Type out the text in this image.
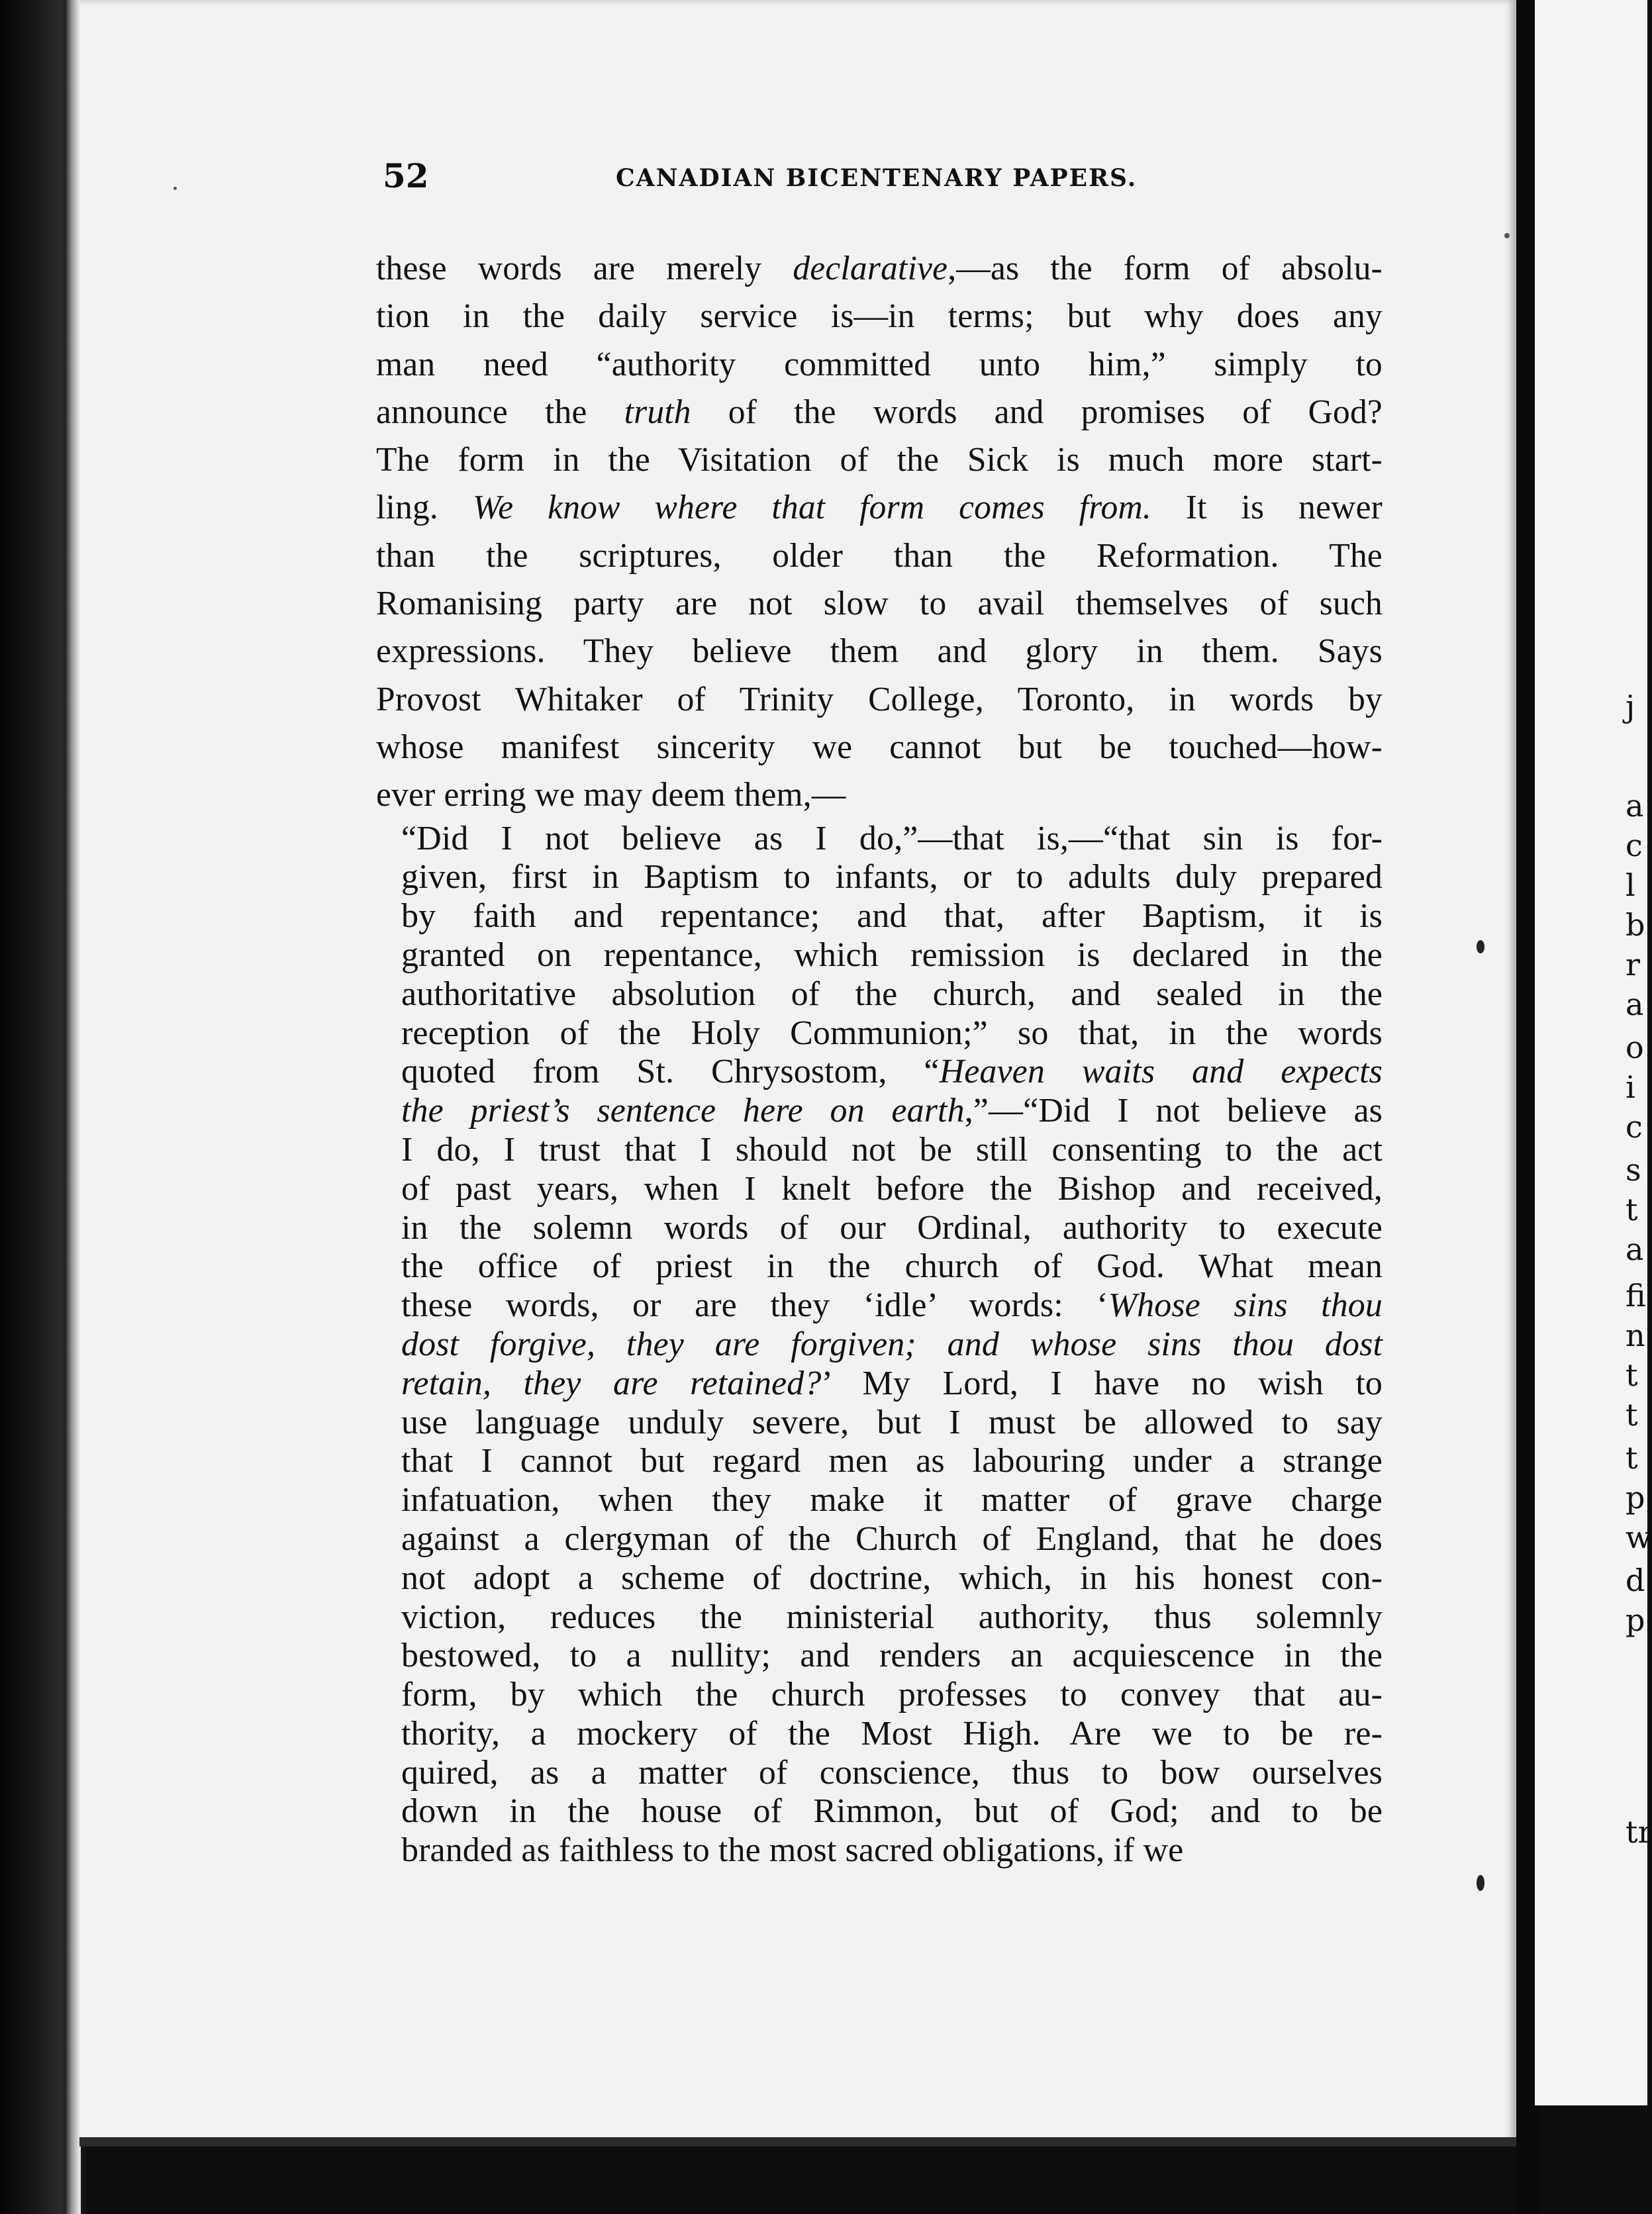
j
a
c
l
b
r
a
o
i
c
s
t
a
fi
n
t
t
t
p
w
d
p
tr
52	CANADIAN BICENTENARY PAPERS.
these words are merely declarative,—as the form of absolu-
tion in the daily service is—in terms; but why does any
man need “authority committed unto him,” simply to
announce the truth of the words and promises of God?
The form in the Visitation of the Sick is much more start-
ling. We know where that form comes from. It is newer
than the scriptures, older than the Reformation. The
Romanising party are not slow to avail themselves of such
expressions. They believe them and glory in them. Says
Provost Whitaker of Trinity College, Toronto, in words by
whose manifest sincerity we cannot but be touched—how-
ever erring we may deem them,—
“Did I not believe as I do,”—that is,—“that sin is for-
given, first in Baptism to infants, or to adults duly prepared
by faith and repentance; and that, after Baptism, it is
granted on repentance, which remission is declared in the
authoritative absolution of the church, and sealed in the
reception of the Holy Communion;” so that, in the words
quoted from St. Chrysostom, “Heaven waits and expects
the priest’s sentence here on earth,”—“Did I not believe as
I do, I trust that I should not be still consenting to the act
of past years, when I knelt before the Bishop and received,
in the solemn words of our Ordinal, authority to execute
the office of priest in the church of God. What mean
these words, or are they ‘idle’ words: ‘Whose sins thou
dost forgive, they are forgiven; and whose sins thou dost
retain, they are retained?’ My Lord, I have no wish to
use language unduly severe, but I must be allowed to say
that I cannot but regard men as labouring under a strange
infatuation, when they make it matter of grave charge
against a clergyman of the Church of England, that he does
not adopt a scheme of doctrine, which, in his honest con-
viction, reduces the ministerial authority, thus solemnly
bestowed, to a nullity; and renders an acquiescence in the
form, by which the church professes to convey that au-
thority, a mockery of the Most High. Are we to be re-
quired, as a matter of conscience, thus to bow ourselves
down in the house of Rimmon, but of God; and to be
branded as faithless to the most sacred obligations, if we
